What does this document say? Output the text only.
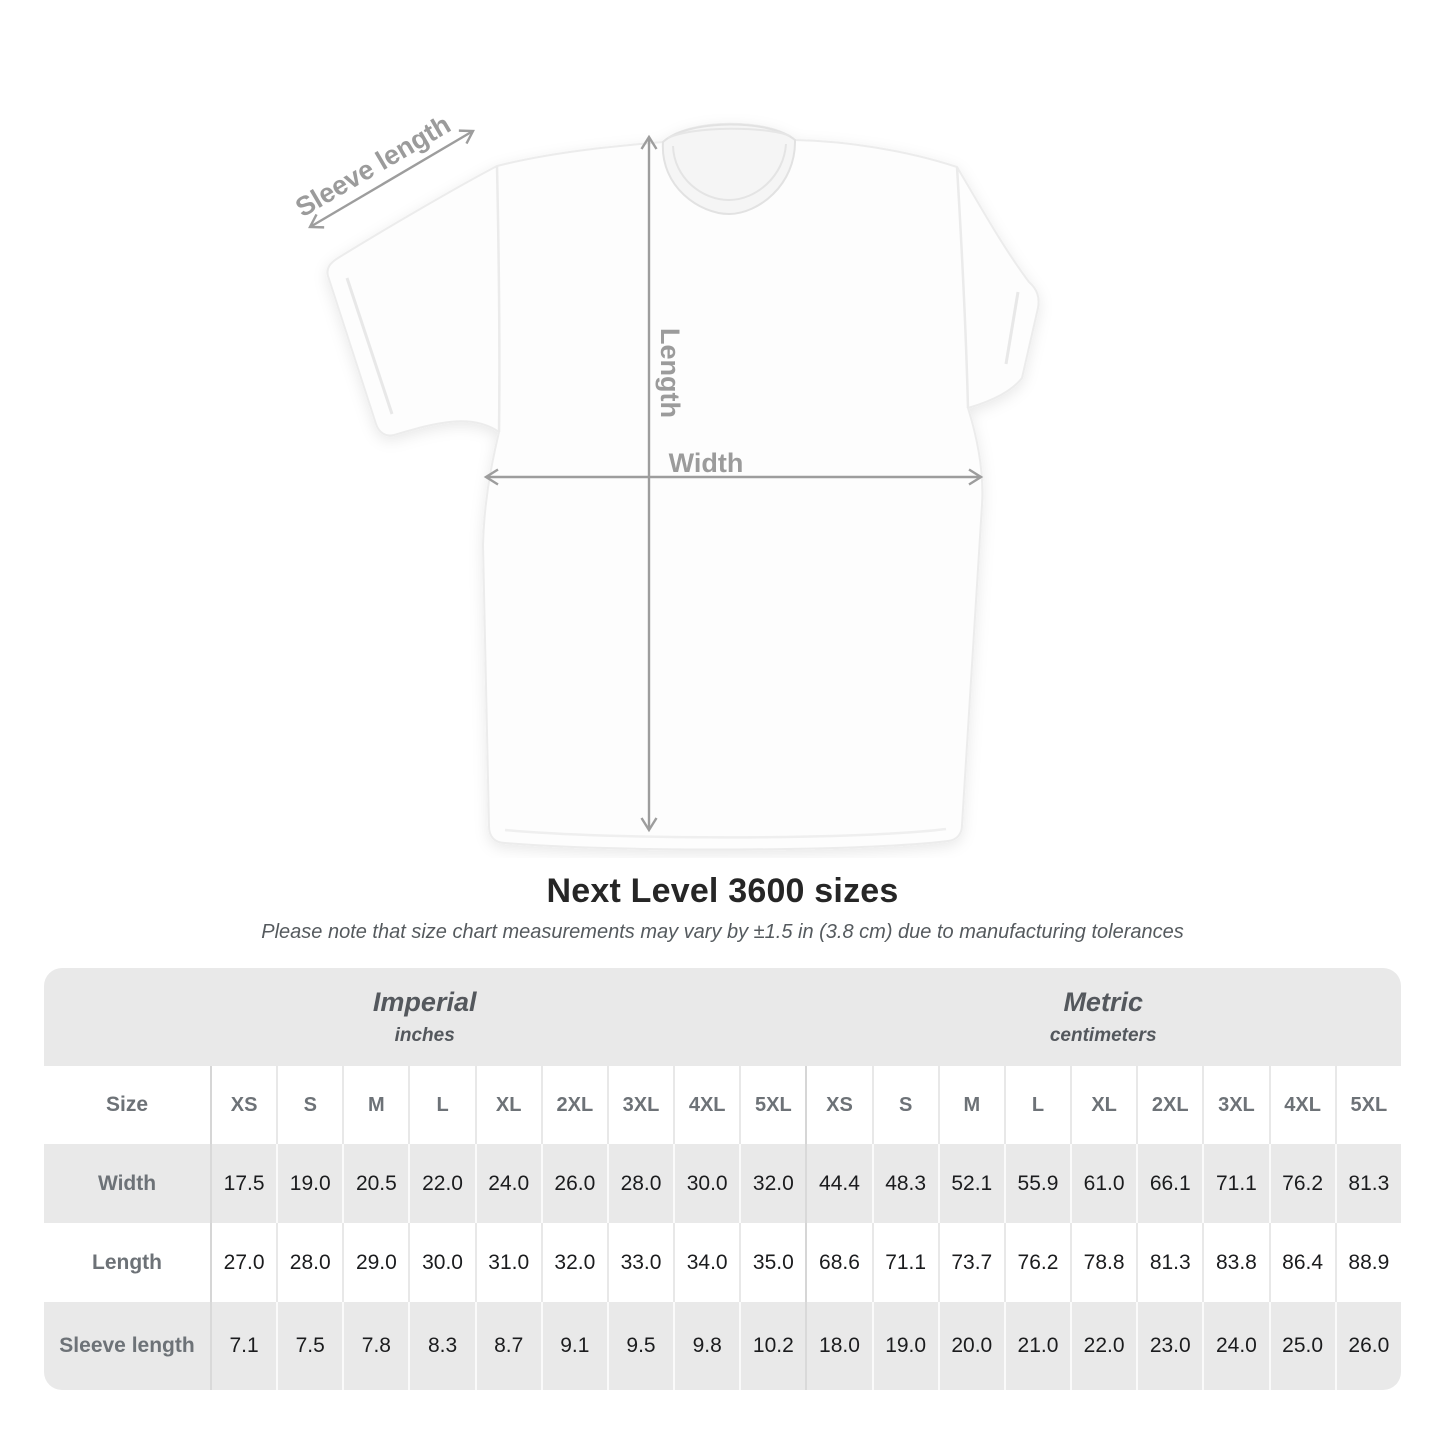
Length
Width
Sleeve length
Next Level 3600 sizes
Please note that size chart measurements may vary by ±1.5 in (3.8 cm) due to manufacturing tolerances
Imperial
inches

Metric
centimeters

Size	XS	S	M	L	XL	2XL	3XL	4XL	5XL	XS	S	M	L	XL	2XL	3XL	4XL	5XL
Width	17.5	19.0	20.5	22.0	24.0	26.0	28.0	30.0	32.0	44.4	48.3	52.1	55.9	61.0	66.1	71.1	76.2	81.3
Length	27.0	28.0	29.0	30.0	31.0	32.0	33.0	34.0	35.0	68.6	71.1	73.7	76.2	78.8	81.3	83.8	86.4	88.9
Sleeve length	7.1	7.5	7.8	8.3	8.7	9.1	9.5	9.8	10.2	18.0	19.0	20.0	21.0	22.0	23.0	24.0	25.0	26.0
